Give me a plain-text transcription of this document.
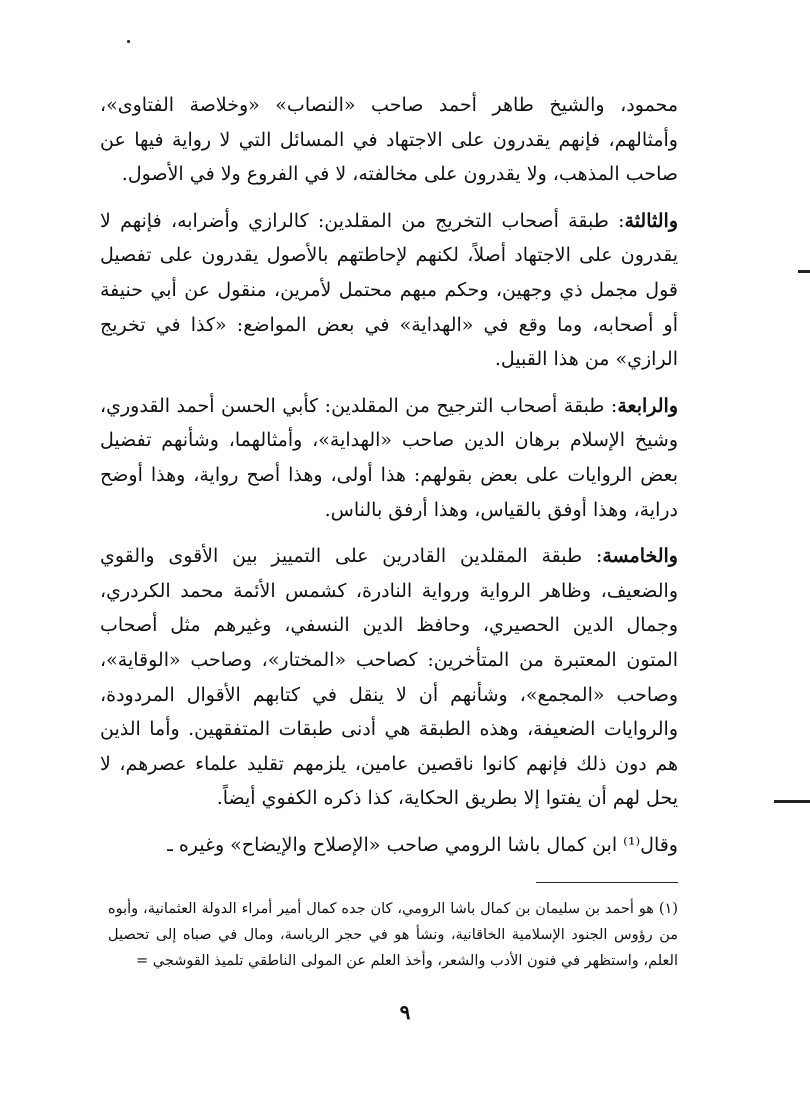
محمود، والشيخ طاهر أحمد صاحب «النصاب» «وخلاصة الفتاوى»، وأمثالهم، فإنهم يقدرون على الاجتهاد في المسائل التي لا رواية فيها عن صاحب المذهب، ولا يقدرون على مخالفته، لا في الفروع ولا في الأصول.

والثالثة: طبقة أصحاب التخريج من المقلدين: كالرازي وأضرابه، فإنهم لا يقدرون على الاجتهاد أصلاً، لكنهم لإحاطتهم بالأصول يقدرون على تفصيل قول مجمل ذي وجهين، وحكم مبهم محتمل لأمرين، منقول عن أبي حنيفة أو أصحابه، وما وقع في «الهداية» في بعض المواضع: «كذا في تخريج الرازي» من هذا القبيل.

والرابعة: طبقة أصحاب الترجيح من المقلدين: كأبي الحسن أحمد القدوري، وشيخ الإسلام برهان الدين صاحب «الهداية»، وأمثالهما، وشأنهم تفضيل بعض الروايات على بعض بقولهم: هذا أولى، وهذا أصح رواية، وهذا أوضح دراية، وهذا أوفق بالقياس، وهذا أرفق بالناس.

والخامسة: طبقة المقلدين القادرين على التمييز بين الأقوى والقوي والضعيف، وظاهر الرواية ورواية النادرة، كشمس الأئمة محمد الكردري، وجمال الدين الحصيري، وحافظ الدين النسفي، وغيرهم مثل أصحاب المتون المعتبرة من المتأخرين: كصاحب «المختار»، وصاحب «الوقاية»، وصاحب «المجمع»، وشأنهم أن لا ينقل في كتابهم الأقوال المردودة، والروايات الضعيفة، وهذه الطبقة هي أدنى طبقات المتفقهين. وأما الذين هم دون ذلك فإنهم كانوا ناقصين عامين، يلزمهم تقليد علماء عصرهم، لا يحل لهم أن يفتوا إلا بطريق الحكاية، كذا ذكره الكفوي أيضاً.

وقال⁽¹⁾ ابن كمال باشا الرومي صاحب «الإصلاح والإيضاح» وغيره ـ

(١) هو أحمد بن سليمان بن كمال باشا الرومي، كان جده كمال أمير أمراء الدولة العثمانية، وأبوه من رؤوس الجنود الإسلامية الخاقانية، ونشأ هو في حجر الرياسة، ومال في صباه إلى تحصيل العلم، واستظهر في فنون الأدب والشعر، وأخذ العلم عن المولى الناطقي تلميذ القوشجي =

٩
